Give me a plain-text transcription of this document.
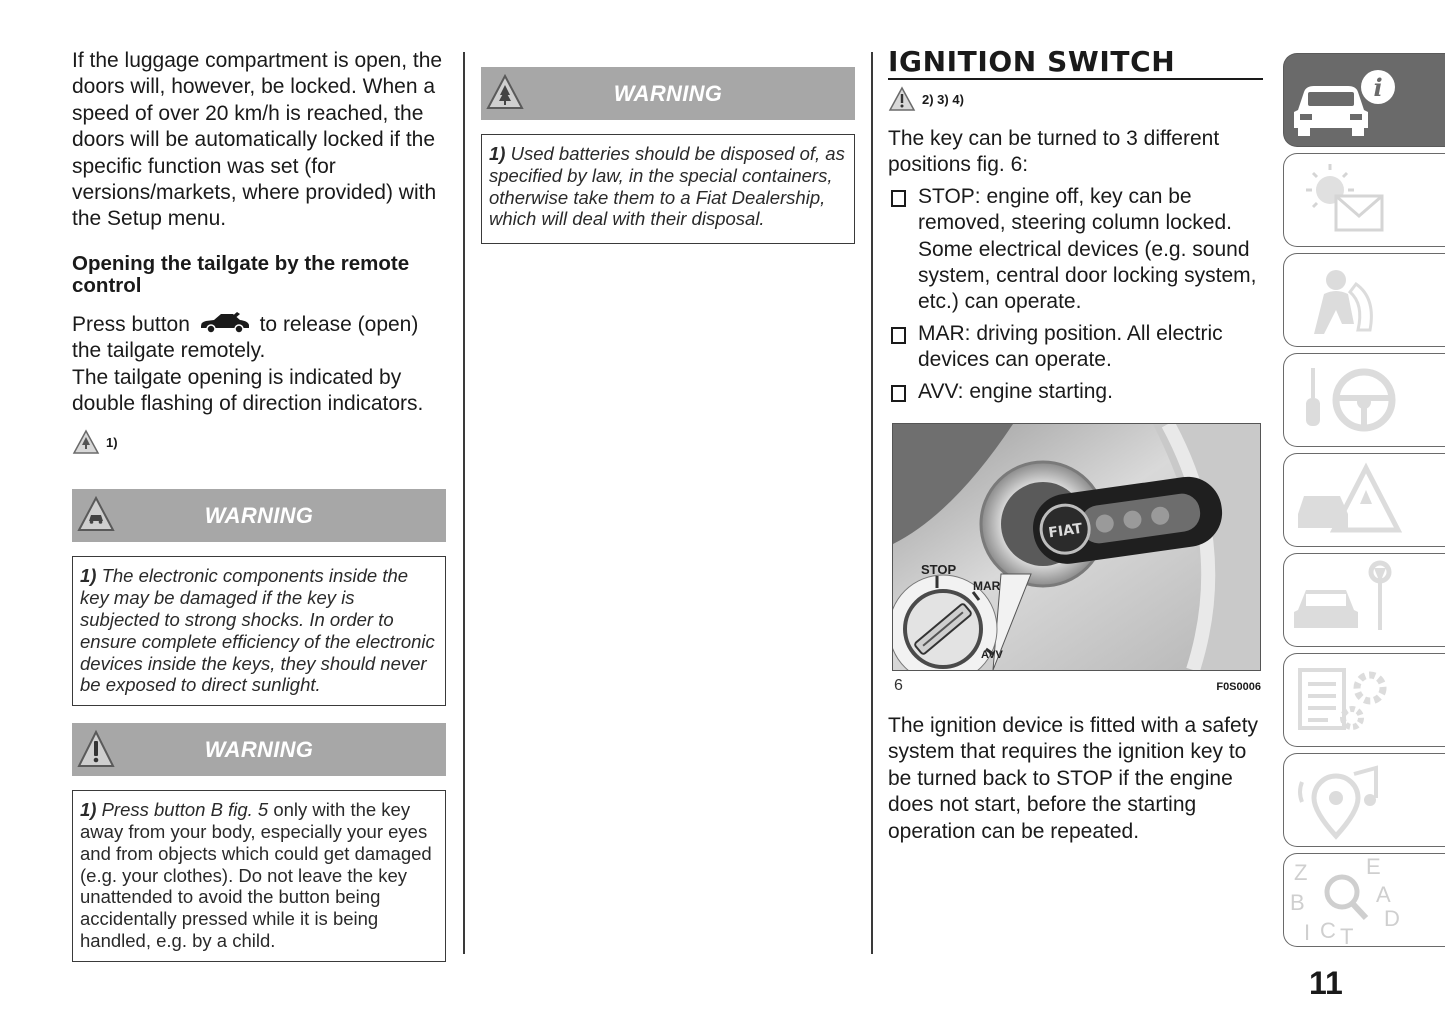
If the luggage compartment is open, the doors will, however, be locked. When a speed of over 20 km/h is reached, the doors will be automatically locked if the specific function was set (for versions/markets, where provided) with the Setup menu.

Opening the tailgate by the remote control

Press button	to release (open) the tailgate remotely.

The tailgate opening is indicated by double flashing of direction indicators.

1)
WARNING
1) The electronic components inside the key may be damaged if the key is subjected to strong shocks. In order to ensure complete efficiency of the electronic devices inside the keys, they should never be exposed to direct sunlight.
WARNING
1) Press button B fig. 5 only with the key away from your body, especially your eyes and from objects which could get damaged (e.g. your clothes). Do not leave the key unattended to avoid the button being accidentally pressed while it is being handled, e.g. by a child.
WARNING
1) Used batteries should be disposed of, as specified by law, in the special containers, otherwise take them to a Fiat Dealership, which will deal with their disposal.
IGNITION SWITCH
2) 3) 4)

The key can be turned to 3 different positions fig. 6:

STOP: engine off, key can be removed, steering column locked. Some electrical devices (e.g. sound system, central door locking system, etc.) can operate.
MAR: driving position. All electric devices can operate.
AVV: engine starting.
FIAT
STOP
MAR
AVV
6	F0S0006

The ignition device is fitted with a safety system that requires the ignition key to be turned back to STOP if the engine does not start, before the starting operation can be repeated.

i
Z	E
A
B
C T
D
I
11
